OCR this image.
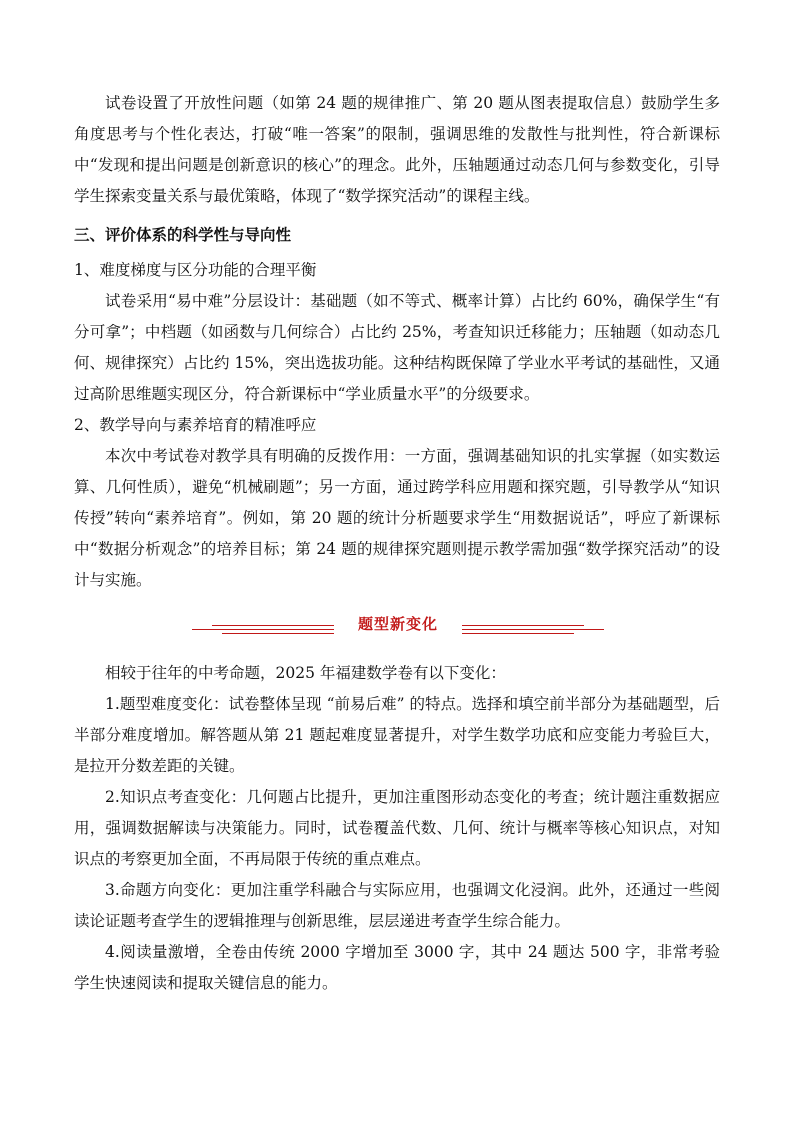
试卷设置了开放性问题（如第 24 题的规律推广、第 20 题从图表提取信息）鼓励学生多角度思考与个性化表达，打破“唯一答案”的限制，强调思维的发散性与批判性，符合新课标中“发现和提出问题是创新意识的核心”的理念。此外，压轴题通过动态几何与参数变化，引导学生探索变量关系与最优策略，体现了“数学探究活动”的课程主线。

三、评价体系的科学性与导向性

1、难度梯度与区分功能的合理平衡

试卷采用“易中难”分层设计：基础题（如不等式、概率计算）占比约 60%，确保学生“有分可拿”；中档题（如函数与几何综合）占比约 25%，考查知识迁移能力；压轴题（如动态几何、规律探究）占比约 15%，突出选拔功能。这种结构既保障了学业水平考试的基础性，又通过高阶思维题实现区分，符合新课标中“学业质量水平”的分级要求。

2、教学导向与素养培育的精准呼应

本次中考试卷对教学具有明确的反拨作用：一方面，强调基础知识的扎实掌握（如实数运算、几何性质），避免“机械刷题”；另一方面，通过跨学科应用题和探究题，引导教学从“知识传授”转向“素养培育”。例如，第 20 题的统计分析题要求学生“用数据说话”，呼应了新课标中“数据分析观念”的培养目标；第 24 题的规律探究题则提示教学需加强“数学探究活动”的设计与实施。

题型新变化

相较于往年的中考命题，2025 年福建数学卷有以下变化：

1.题型难度变化：试卷整体呈现 “前易后难” 的特点。选择和填空前半部分为基础题型，后半部分难度增加。解答题从第 21 题起难度显著提升，对学生数学功底和应变能力考验巨大，是拉开分数差距的关键。

2.知识点考查变化：几何题占比提升，更加注重图形动态变化的考查；统计题注重数据应用，强调数据解读与决策能力。同时，试卷覆盖代数、几何、统计与概率等核心知识点，对知识点的考察更加全面，不再局限于传统的重点难点。

3.命题方向变化：更加注重学科融合与实际应用，也强调文化浸润。此外，还通过一些阅读论证题考查学生的逻辑推理与创新思维，层层递进考查学生综合能力。

4.阅读量激增，全卷由传统 2000 字增加至 3000 字，其中 24 题达 500 字，非常考验学生快速阅读和提取关键信息的能力。
